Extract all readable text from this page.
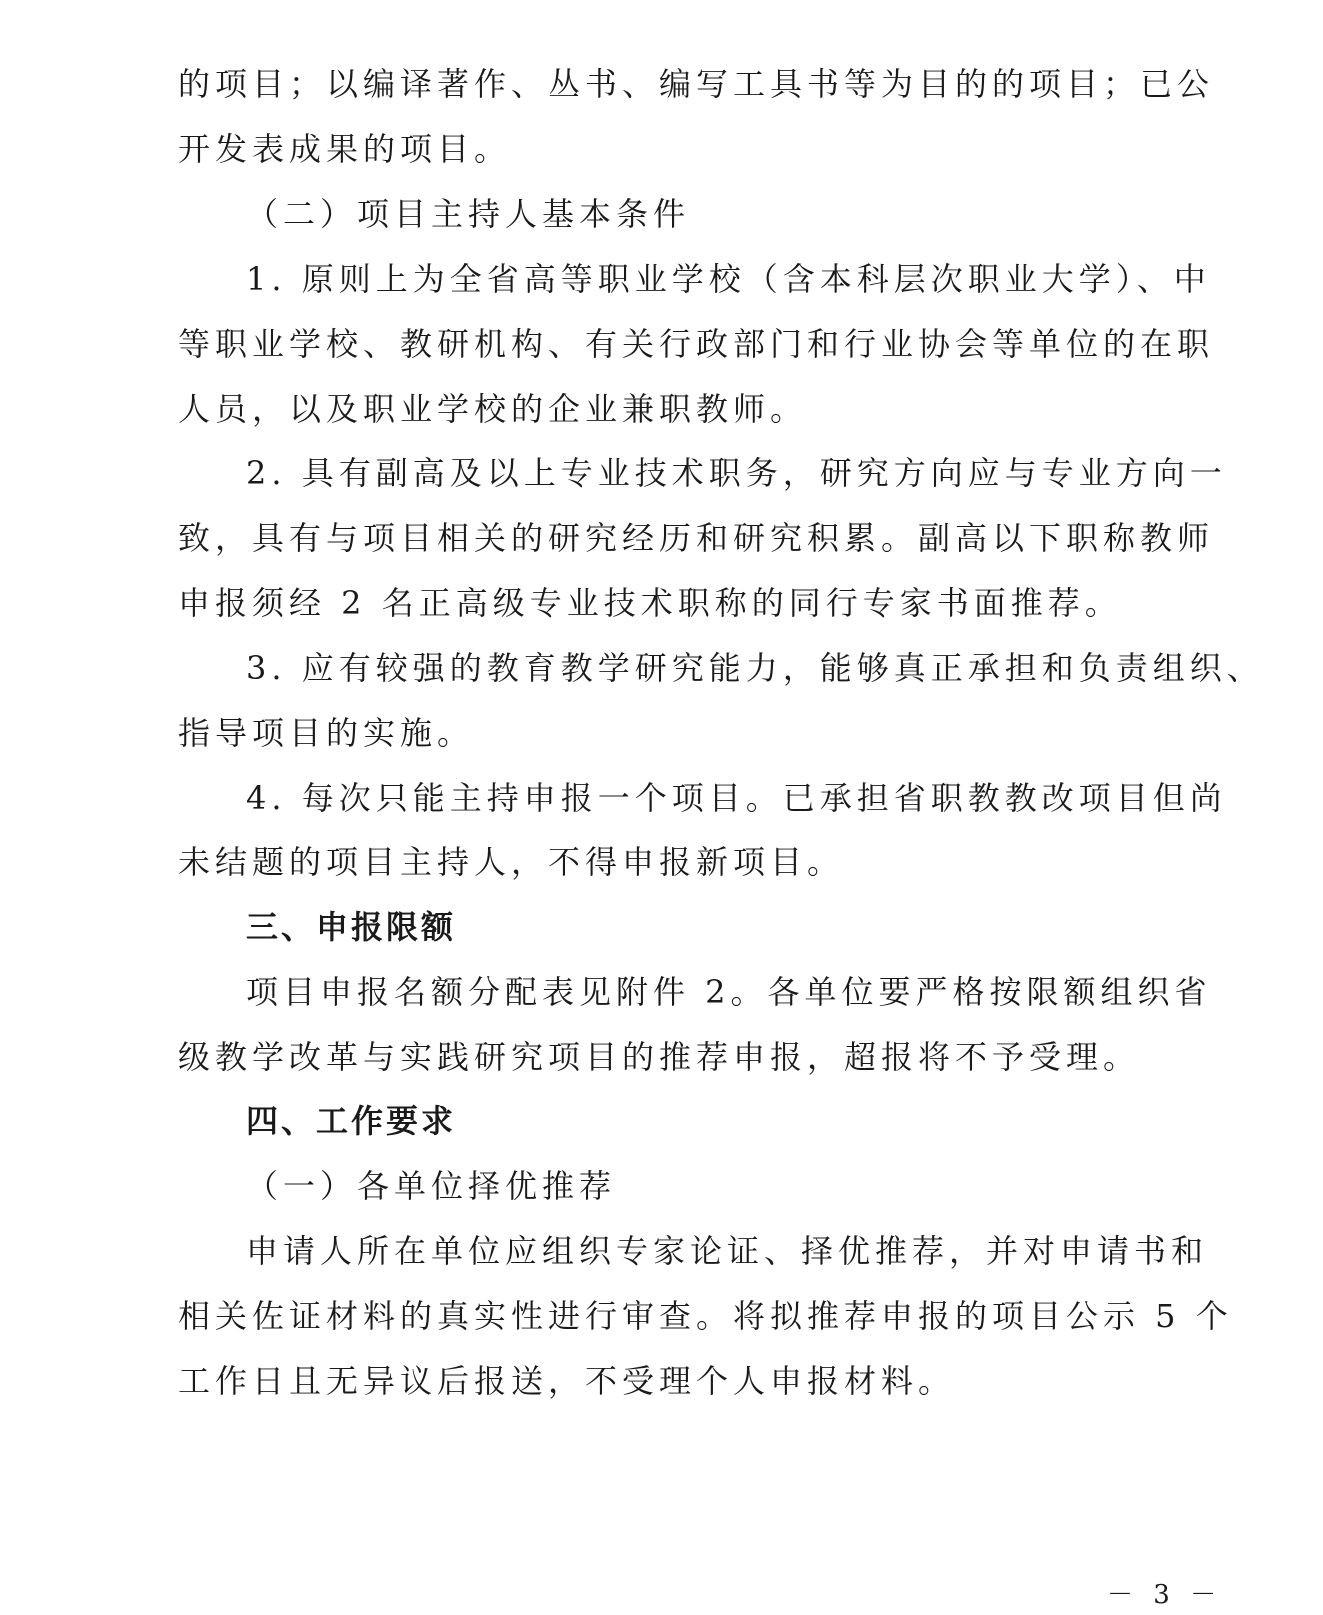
的项目；以编译著作、丛书、编写工具书等为目的的项目；已公
开发表成果的项目。
（二）项目主持人基本条件
1. 原则上为全省高等职业学校（含本科层次职业大学）、中
等职业学校、教研机构、有关行政部门和行业协会等单位的在职
人员，以及职业学校的企业兼职教师。
2. 具有副高及以上专业技术职务，研究方向应与专业方向一
致，具有与项目相关的研究经历和研究积累。副高以下职称教师
申报须经 2 名正高级专业技术职称的同行专家书面推荐。
3. 应有较强的教育教学研究能力，能够真正承担和负责组织、
指导项目的实施。
4. 每次只能主持申报一个项目。已承担省职教教改项目但尚
未结题的项目主持人，不得申报新项目。
三、申报限额
项目申报名额分配表见附件 2。各单位要严格按限额组织省
级教学改革与实践研究项目的推荐申报，超报将不予受理。
四、工作要求
（一）各单位择优推荐
申请人所在单位应组织专家论证、择优推荐，并对申请书和
相关佐证材料的真实性进行审查。将拟推荐申报的项目公示 5 个
工作日且无异议后报送，不受理个人申报材料。
－ 3 －
